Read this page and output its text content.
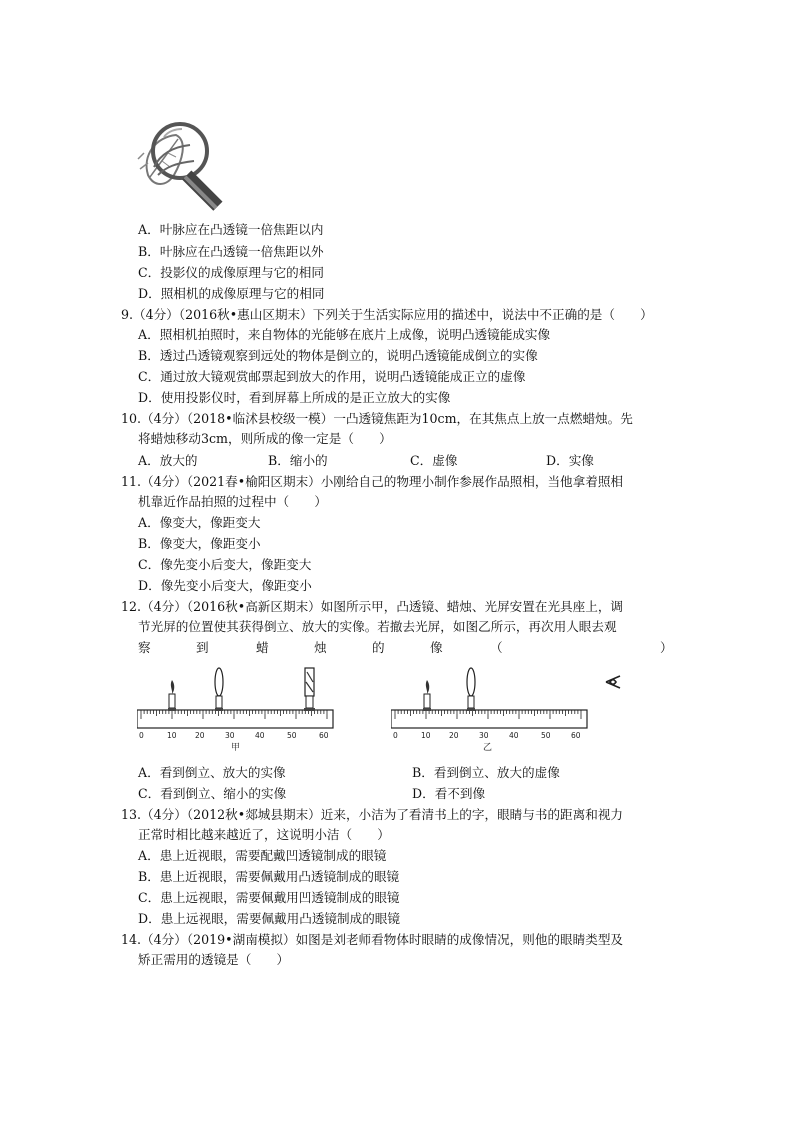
A．叶脉应在凸透镜一倍焦距以内
B．叶脉应在凸透镜一倍焦距以外
C．投影仪的成像原理与它的相同
D．照相机的成像原理与它的相同
9.（4分）（2016秋•惠山区期末）下列关于生活实际应用的描述中，说法中不正确的是（　　）
A．照相机拍照时，来自物体的光能够在底片上成像，说明凸透镜能成实像
B．透过凸透镜观察到远处的物体是倒立的，说明凸透镜能成倒立的实像
C．通过放大镜观赏邮票起到放大的作用，说明凸透镜能成正立的虚像
D．使用投影仪时，看到屏幕上所成的是正立放大的实像
10.（4分）（2018•临沭县校级一模）一凸透镜焦距为10cm，在其焦点上放一点燃蜡烛。先
将蜡烛移动3cm，则所成的像一定是（　　）
A．放大的	B．缩小的	C．虚像	D．实像
11.（4分）（2021春•榆阳区期末）小刚给自己的物理小制作参展作品照相，当他拿着照相
机靠近作品拍照的过程中（　　）
A．像变大，像距变大
B．像变大，像距变小
C．像先变小后变大，像距变大
D．像先变小后变大，像距变小
12.（4分）（2016秋•高新区期末）如图所示甲，凸透镜、蜡烛、光屏安置在光具座上，调
节光屏的位置使其获得倒立、放大的实像。若撤去光屏，如图乙所示，再次用人眼去观
察	到	蜡	烛	的	像	（	）
0	10 20	30	40	50	60
甲
0	10 20	30	40	50	60
乙
A．看到倒立、放大的实像	B．看到倒立、放大的虚像
C．看到倒立、缩小的实像	D．看不到像
13.（4分）（2012秋•郯城县期末）近来，小洁为了看清书上的字，眼睛与书的距离和视力
正常时相比越来越近了，这说明小洁（　　）
A．患上近视眼，需要配戴凹透镜制成的眼镜
B．患上近视眼，需要佩戴用凸透镜制成的眼镜
C．患上远视眼，需要佩戴用凹透镜制成的眼镜
D．患上远视眼，需要佩戴用凸透镜制成的眼镜
14.（4分）（2019•湖南模拟）如图是刘老师看物体时眼睛的成像情况，则他的眼睛类型及
矫正需用的透镜是（　　）
